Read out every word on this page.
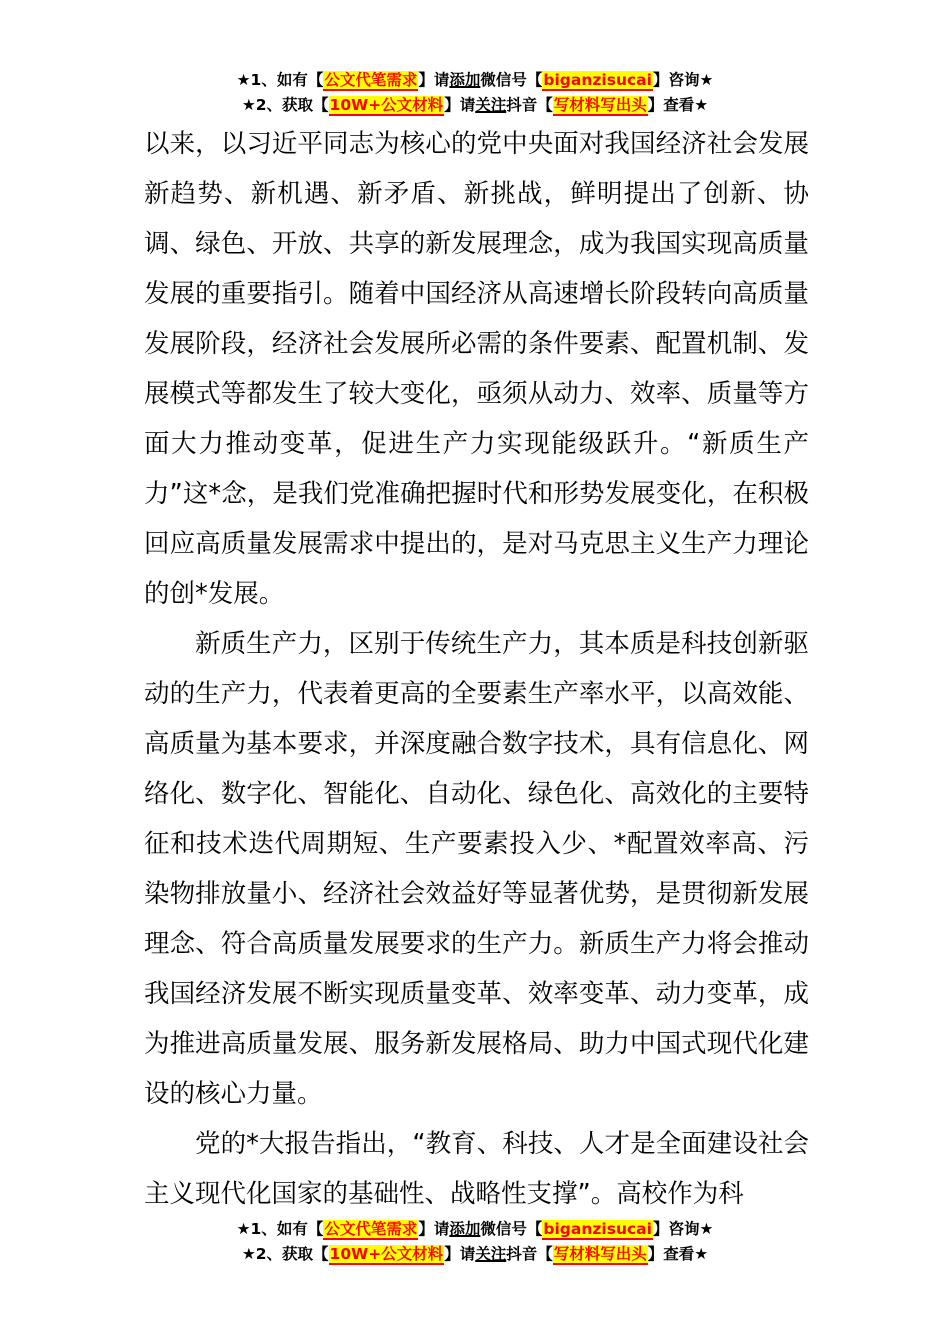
★1、如有【公文代笔需求】请添加微信号【biganzisucai】咨询★
★2、获取【10W+公文材料】请关注抖音【写材料写出头】查看★

以来，以习近平同志为核心的党中央面对我国经济社会发展新趋势、新机遇、新矛盾、新挑战，鲜明提出了创新、协调、绿色、开放、共享的新发展理念，成为我国实现高质量发展的重要指引。随着中国经济从高速增长阶段转向高质量发展阶段，经济社会发展所必需的条件要素、配置机制、发展模式等都发生了较大变化，亟须从动力、效率、质量等方面大力推动变革，促进生产力实现能级跃升。“新质生产力”这*念，是我们党准确把握时代和形势发展变化，在积极回应高质量发展需求中提出的，是对马克思主义生产力理论的创*发展。

新质生产力，区别于传统生产力，其本质是科技创新驱动的生产力，代表着更高的全要素生产率水平，以高效能、高质量为基本要求，并深度融合数字技术，具有信息化、网络化、数字化、智能化、自动化、绿色化、高效化的主要特征和技术迭代周期短、生产要素投入少、*配置效率高、污染物排放量小、经济社会效益好等显著优势，是贯彻新发展理念、符合高质量发展要求的生产力。新质生产力将会推动我国经济发展不断实现质量变革、效率变革、动力变革，成为推进高质量发展、服务新发展格局、助力中国式现代化建设的核心力量。

党的*大报告指出，“教育、科技、人才是全面建设社会主义现代化国家的基础性、战略性支撑”。高校作为科

★1、如有【公文代笔需求】请添加微信号【biganzisucai】咨询★
★2、获取【10W+公文材料】请关注抖音【写材料写出头】查看★
